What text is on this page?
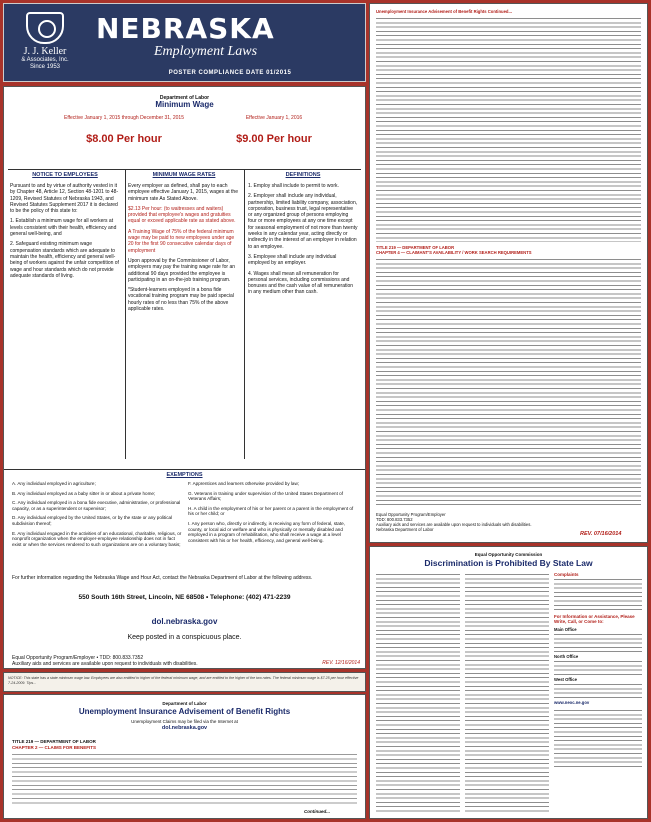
J. J. Keller
& Associates, Inc.
Since 1953
NEBRASKA
Employment Laws
POSTER COMPLIANCE DATE 01/2015
Department of Labor
Minimum Wage
Effective January 1, 2015 through December 31, 2015	Effective January 1, 2016
$8.00 Per hour	$9.00 Per hour
NOTICE TO EMPLOYEES

Pursuant to and by virtue of authority vested in it by Chapter 48, Article 12, Section 48-1201 to 48-1209, Revised Statutes of Nebraska 1943, and Revised Statutes Supplement 2017 it is declared to be the policy of this state to:

1. Establish a minimum wage for all workers at levels consistent with their health, efficiency and general well-being, and

2. Safeguard existing minimum wage compensation standards which are adequate to maintain the health, efficiency and general well-being of workers against the unfair competition of wage and hour standards which do not provide adequate standards of living.

MINIMUM WAGE RATES

Every employer as defined, shall pay to each employee effective January 1, 2015, wages at the minimum rate As Stated Above.

$2.13 Per hour: (to waitresses and waiters) provided that employee's wages and gratuities equal or exceed applicable rate as stated above.

A Training Wage of 75% of the federal minimum wage may be paid to new employees under age 20 for the first 90 consecutive calendar days of employment

Upon approval by the Commissioner of Labor, employers may pay the training wage rate for an additional 90 days provided the employee is participating in an on-the-job training program.

*Student-learners employed in a bona fide vocational training program may be paid special hourly rates of no less than 75% of the above applicable rates.

DEFINITIONS

1. Employ shall include to permit to work.

2. Employer shall include any individual, partnership, limited liability company, association, corporation, business trust, legal representative or any organized group of persons employing four or more employees at any one time except for seasonal employment of not more than twenty weeks in any calendar year, acting directly or indirectly in the interest of an employer in relation to an employee.

3. Employee shall include any individual employed by an employer.

4. Wages shall mean all remuneration for personal services, including commissions and bonuses and the cash value of all remuneration in any medium other than cash.

EXEMPTIONS

A. Any individual employed in agriculture;

B. Any individual employed as a baby sitter in or about a private home;

C. Any individual employed in a bona fide executive, administrative, or professional capacity, or as a superintendent or supervisor;

D. Any individual employed by the United States, or by the state or any political subdivision thereof;

E. Any individual engaged in the activities of an educational, charitable, religious, or nonprofit organization when the employer-employee relationship does not in fact exist or when the services rendered to such organizations are on a voluntary basis;

F. Apprentices and learners otherwise provided by law;

G. Veterans in training under supervision of the United States Department of Veterans Affairs;

H. A child in the employment of his or her parent or a parent in the employment of his or her child; or

I. Any person who, directly or indirectly, is receiving any form of federal, state, county, or local aid or welfare and who is physically or mentally disabled and employed in a program of rehabilitation, who shall receive a wage at a level consistent with his or her health, efficiency, and general well-being.

For further information regarding the Nebraska Wage and Hour Act, contact the Nebraska Department of Labor at the following address.
550 South 16th Street, Lincoln, NE 68508 • Telephone: (402) 471-2239
dol.nebraska.gov
Keep posted in a conspicuous place.
Equal Opportunity Program/Employer • TDD: 800.833.7352
Auxiliary aids and services are available upon request to individuals with disabilities.	REV. 12/16/2014
NOTICE: This state has a state minimum wage law. Employees are also entitled to higher of the federal minimum wage, and are entitled to the higher of the two rates. The federal minimum wage is $7.25 per hour effective 7-24-2009. Tips...
Department of Labor
Unemployment Insurance Advisement of Benefit Rights
Unemployment Claims may be filed via the Internet at
dol.nebraska.gov
TITLE 219 — DEPARTMENT OF LABOR
CHAPTER 2 — CLAIMS FOR BENEFITS
Continued...
Unemployment Insurance Advisement of Benefit Rights Continued...
TITLE 219 — DEPARTMENT OF LABOR
CHAPTER 4 — CLAIMANT'S AVAILABILITY / WORK SEARCH REQUIREMENTS
Equal Opportunity Program/Employer
TDD: 800.833.7352
Auxiliary aids and services are available upon request to individuals with disabilities.
Nebraska Department of Labor
REV. 07/16/2014
Equal Opportunity Commission
Discrimination is Prohibited By State Law
Complaints
For Information or Assistance, Please Write, Call, or Come to:
Main Office
North Office
West Office
www.neoc.ne.gov
